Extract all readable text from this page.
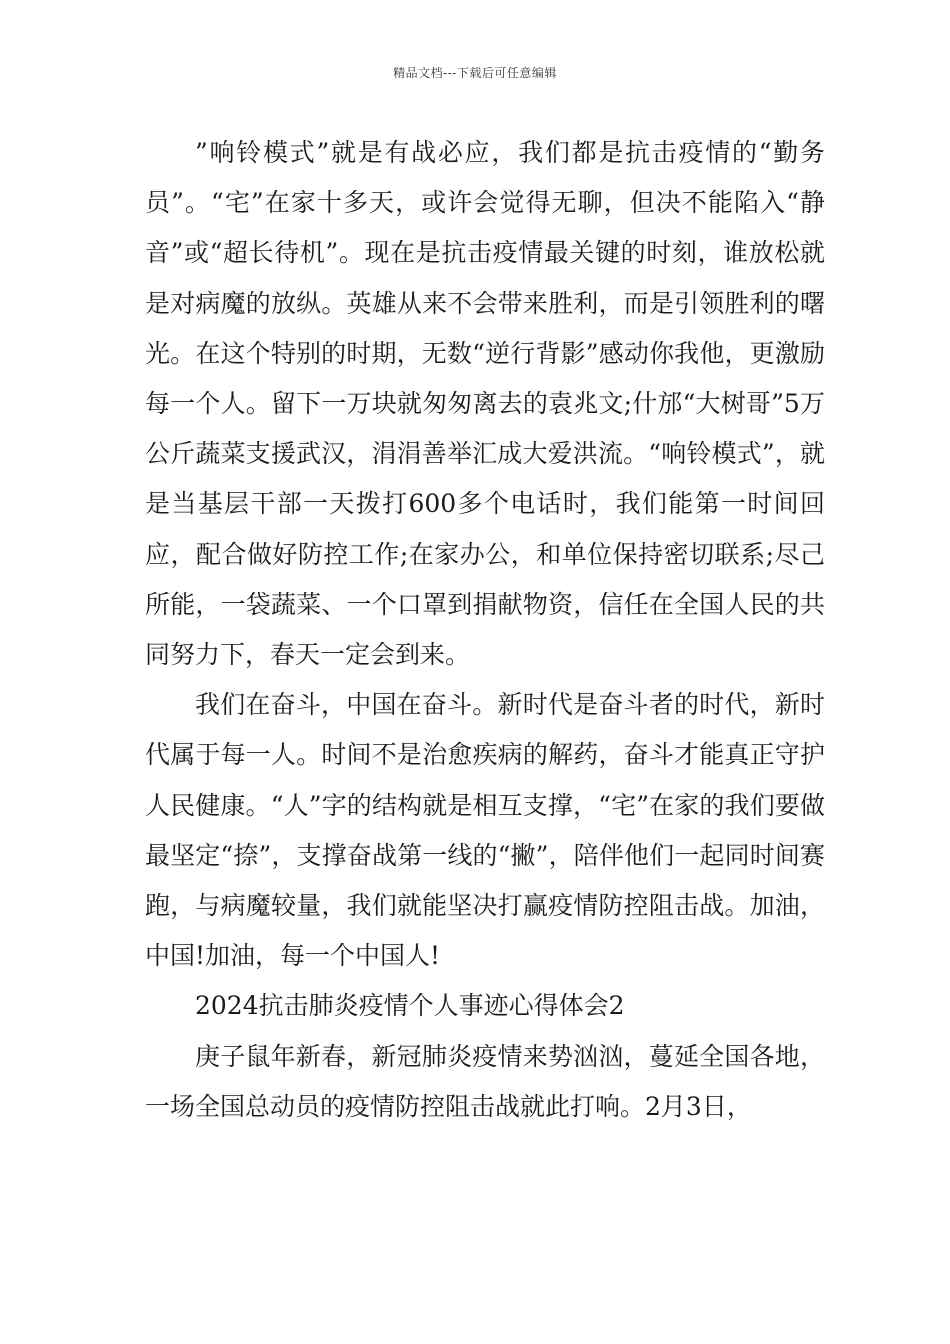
精品文档---下载后可任意编辑

”响铃模式”就是有战必应，我们都是抗击疫情的“勤务员”。“宅”在家十多天，或许会觉得无聊，但决不能陷入“静音”或“超长待机”。现在是抗击疫情最关键的时刻，谁放松就是对病魔的放纵。英雄从来不会带来胜利，而是引领胜利的曙光。在这个特别的时期，无数“逆行背影”感动你我他，更激励每一个人。留下一万块就匆匆离去的袁兆文;什邡“大树哥”5万公斤蔬菜支援武汉，涓涓善举汇成大爱洪流。“响铃模式”，就是当基层干部一天拨打600多个电话时，我们能第一时间回应，配合做好防控工作;在家办公，和单位保持密切联系;尽己所能，一袋蔬菜、一个口罩到捐献物资，信任在全国人民的共同努力下，春天一定会到来。

我们在奋斗，中国在奋斗。新时代是奋斗者的时代，新时代属于每一人。时间不是治愈疾病的解药，奋斗才能真正守护人民健康。“人”字的结构就是相互支撑，“宅”在家的我们要做最坚定“捺”，支撑奋战第一线的“撇”，陪伴他们一起同时间赛跑，与病魔较量，我们就能坚决打赢疫情防控阻击战。加油，中国!加油，每一个中国人!

2024抗击肺炎疫情个人事迹心得体会2

庚子鼠年新春，新冠肺炎疫情来势汹汹，蔓延全国各地，一场全国总动员的疫情防控阻击战就此打响。2月3日，
